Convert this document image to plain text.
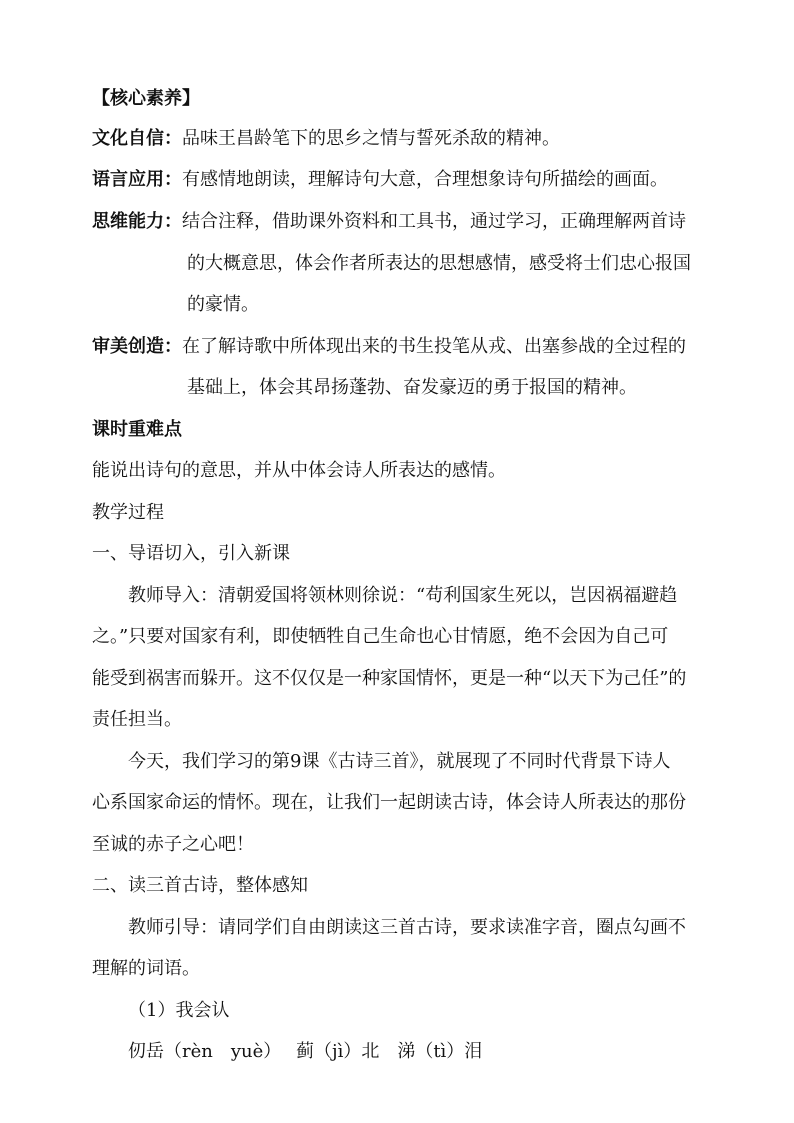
【核心素养】
文化自信：品味王昌龄笔下的思乡之情与誓死杀敌的精神。
语言应用：有感情地朗读，理解诗句大意，合理想象诗句所描绘的画面。
思维能力：结合注释，借助课外资料和工具书，通过学习，正确理解两首诗
的大概意思，体会作者所表达的思想感情，感受将士们忠心报国
的豪情。
审美创造：在了解诗歌中所体现出来的书生投笔从戎、出塞参战的全过程的
基础上，体会其昂扬蓬勃、奋发豪迈的勇于报国的精神。
课时重难点
能说出诗句的意思，并从中体会诗人所表达的感情。
教学过程
一、导语切入，引入新课
教师导入：清朝爱国将领林则徐说：“苟利国家生死以，岂因祸福避趋
之。”只要对国家有利，即使牺牲自己生命也心甘情愿，绝不会因为自己可
能受到祸害而躲开。这不仅仅是一种家国情怀，更是一种“以天下为己任”的
责任担当。
今天，我们学习的第9课《古诗三首》，就展现了不同时代背景下诗人
心系国家命运的情怀。现在，让我们一起朗读古诗，体会诗人所表达的那份
至诚的赤子之心吧！
二、读三首古诗，整体感知
教师引导：请同学们自由朗读这三首古诗，要求读准字音，圈点勾画不
理解的词语。
（1）我会认
仞岳（rèn　yuè）　 蓟（jì）北　涕（tì）泪
